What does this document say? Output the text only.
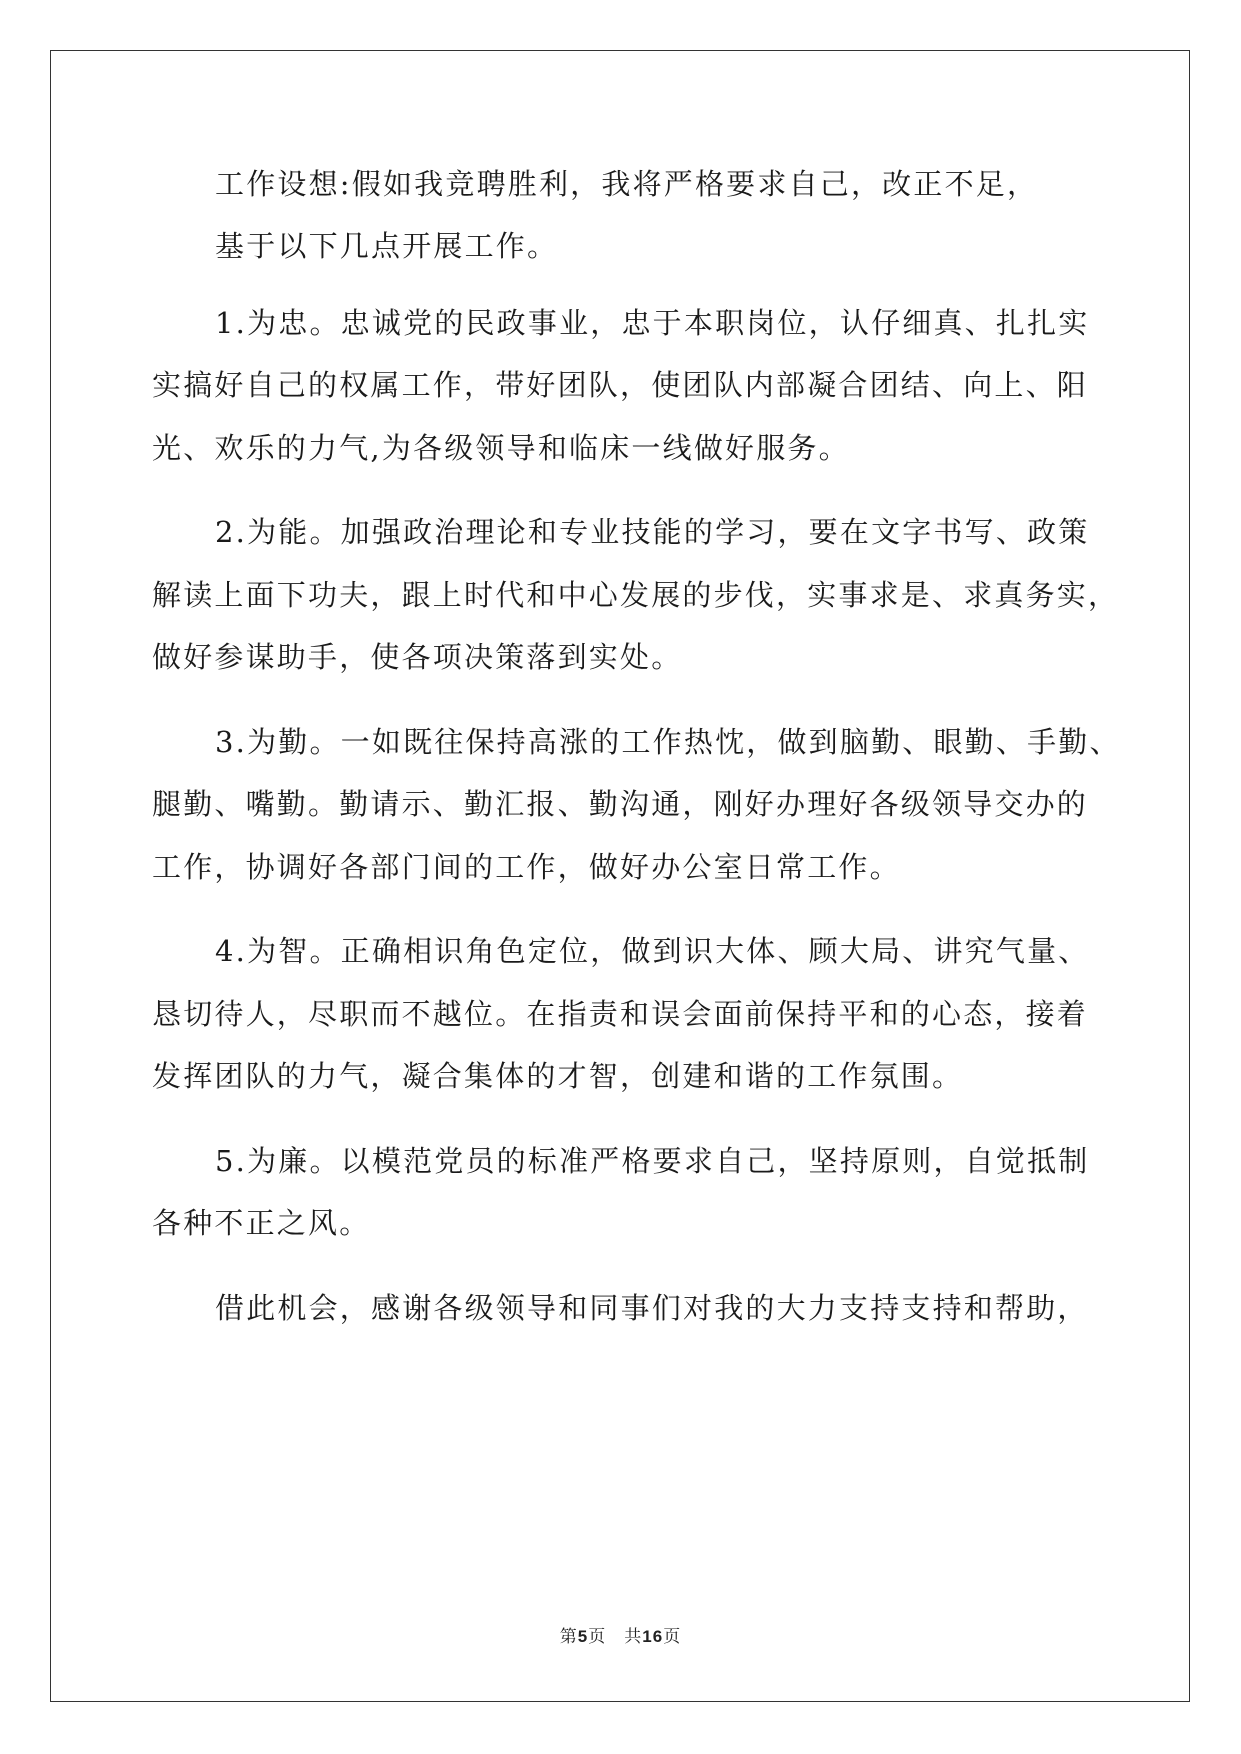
工作设想:假如我竞聘胜利，我将严格要求自己，改正不足，
基于以下几点开展工作。
1.为忠。忠诚党的民政事业，忠于本职岗位，认仔细真、扎扎实
实搞好自己的权属工作，带好团队，使团队内部凝合团结、向上、阳
光、欢乐的力气,为各级领导和临床一线做好服务。
2.为能。加强政治理论和专业技能的学习，要在文字书写、政策
解读上面下功夫，跟上时代和中心发展的步伐，实事求是、求真务实，
做好参谋助手，使各项决策落到实处。
3.为勤。一如既往保持高涨的工作热忱，做到脑勤、眼勤、手勤、
腿勤、嘴勤。勤请示、勤汇报、勤沟通，刚好办理好各级领导交办的
工作，协调好各部门间的工作，做好办公室日常工作。
4.为智。正确相识角色定位，做到识大体、顾大局、讲究气量、
恳切待人，尽职而不越位。在指责和误会面前保持平和的心态，接着
发挥团队的力气，凝合集体的才智，创建和谐的工作氛围。
5.为廉。以模范党员的标准严格要求自己，坚持原则，自觉抵制
各种不正之风。
借此机会，感谢各级领导和同事们对我的大力支持支持和帮助，
第5页　共16页
